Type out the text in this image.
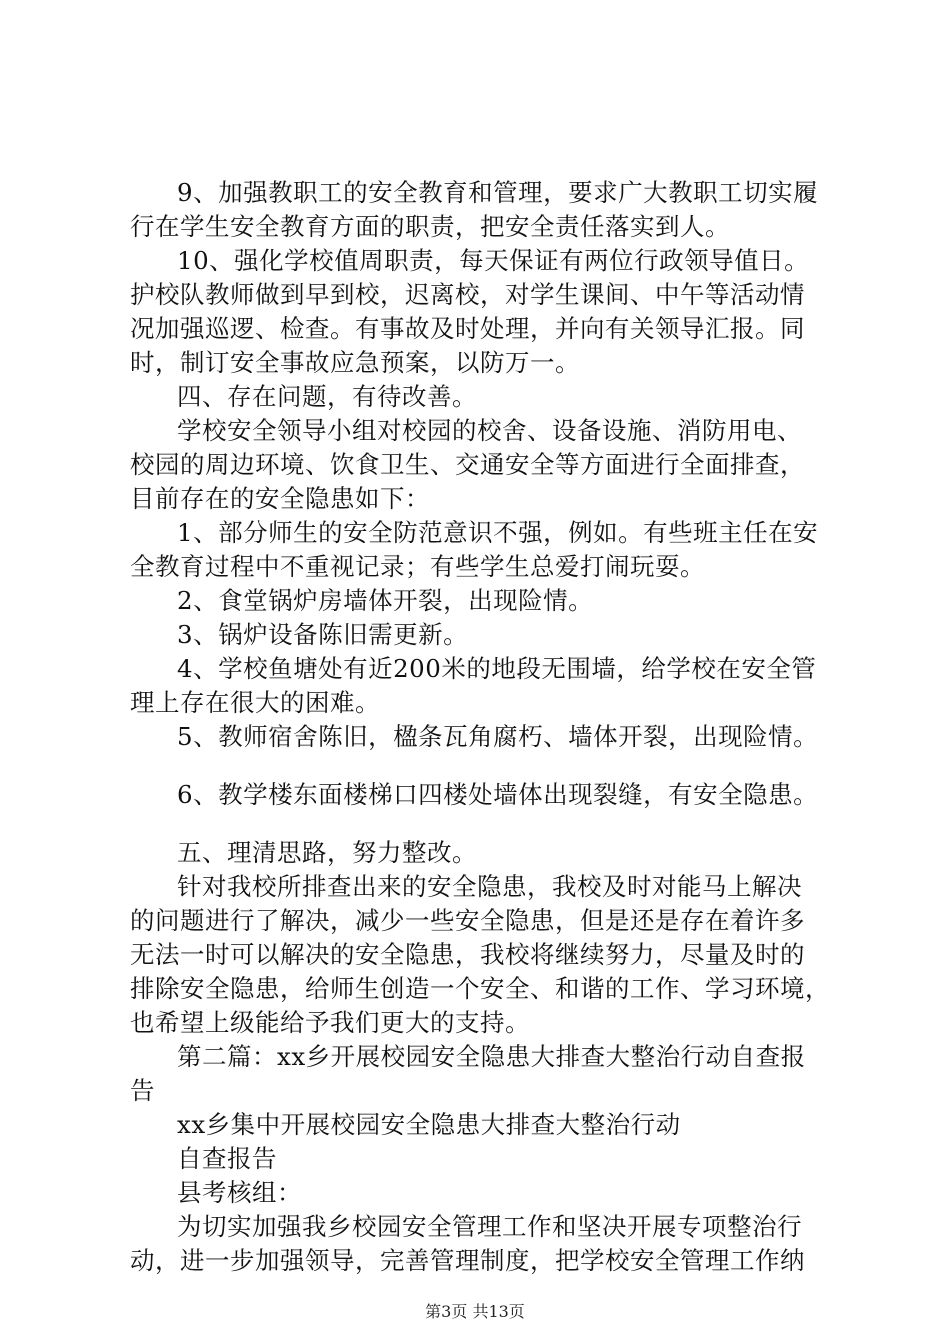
9、加强教职工的安全教育和管理，要求广大教职工切实履
行在学生安全教育方面的职责，把安全责任落实到人。
10、强化学校值周职责，每天保证有两位行政领导值日。
护校队教师做到早到校，迟离校，对学生课间、中午等活动情
况加强巡逻、检查。有事故及时处理，并向有关领导汇报。同
时，制订安全事故应急预案，以防万一。
四、存在问题，有待改善。
学校安全领导小组对校园的校舍、设备设施、消防用电、
校园的周边环境、饮食卫生、交通安全等方面进行全面排查，
目前存在的安全隐患如下：
1、部分师生的安全防范意识不强，例如。有些班主任在安
全教育过程中不重视记录；有些学生总爱打闹玩耍。
2、食堂锅炉房墙体开裂，出现险情。
3、锅炉设备陈旧需更新。
4、学校鱼塘处有近200米的地段无围墙，给学校在安全管
理上存在很大的困难。
5、教师宿舍陈旧，楹条瓦角腐朽、墙体开裂，出现险情。
6、教学楼东面楼梯口四楼处墙体出现裂缝，有安全隐患。
五、理清思路，努力整改。
针对我校所排查出来的安全隐患，我校及时对能马上解决
的问题进行了解决，减少一些安全隐患，但是还是存在着许多
无法一时可以解决的安全隐患，我校将继续努力，尽量及时的
排除安全隐患，给师生创造一个安全、和谐的工作、学习环境，
也希望上级能给予我们更大的支持。
第二篇：xx乡开展校园安全隐患大排查大整治行动自查报
告
xx乡集中开展校园安全隐患大排查大整治行动
自查报告
县考核组：
为切实加强我乡校园安全管理工作和坚决开展专项整治行
动，进一步加强领导，完善管理制度，把学校安全管理工作纳
第3页 共13页
